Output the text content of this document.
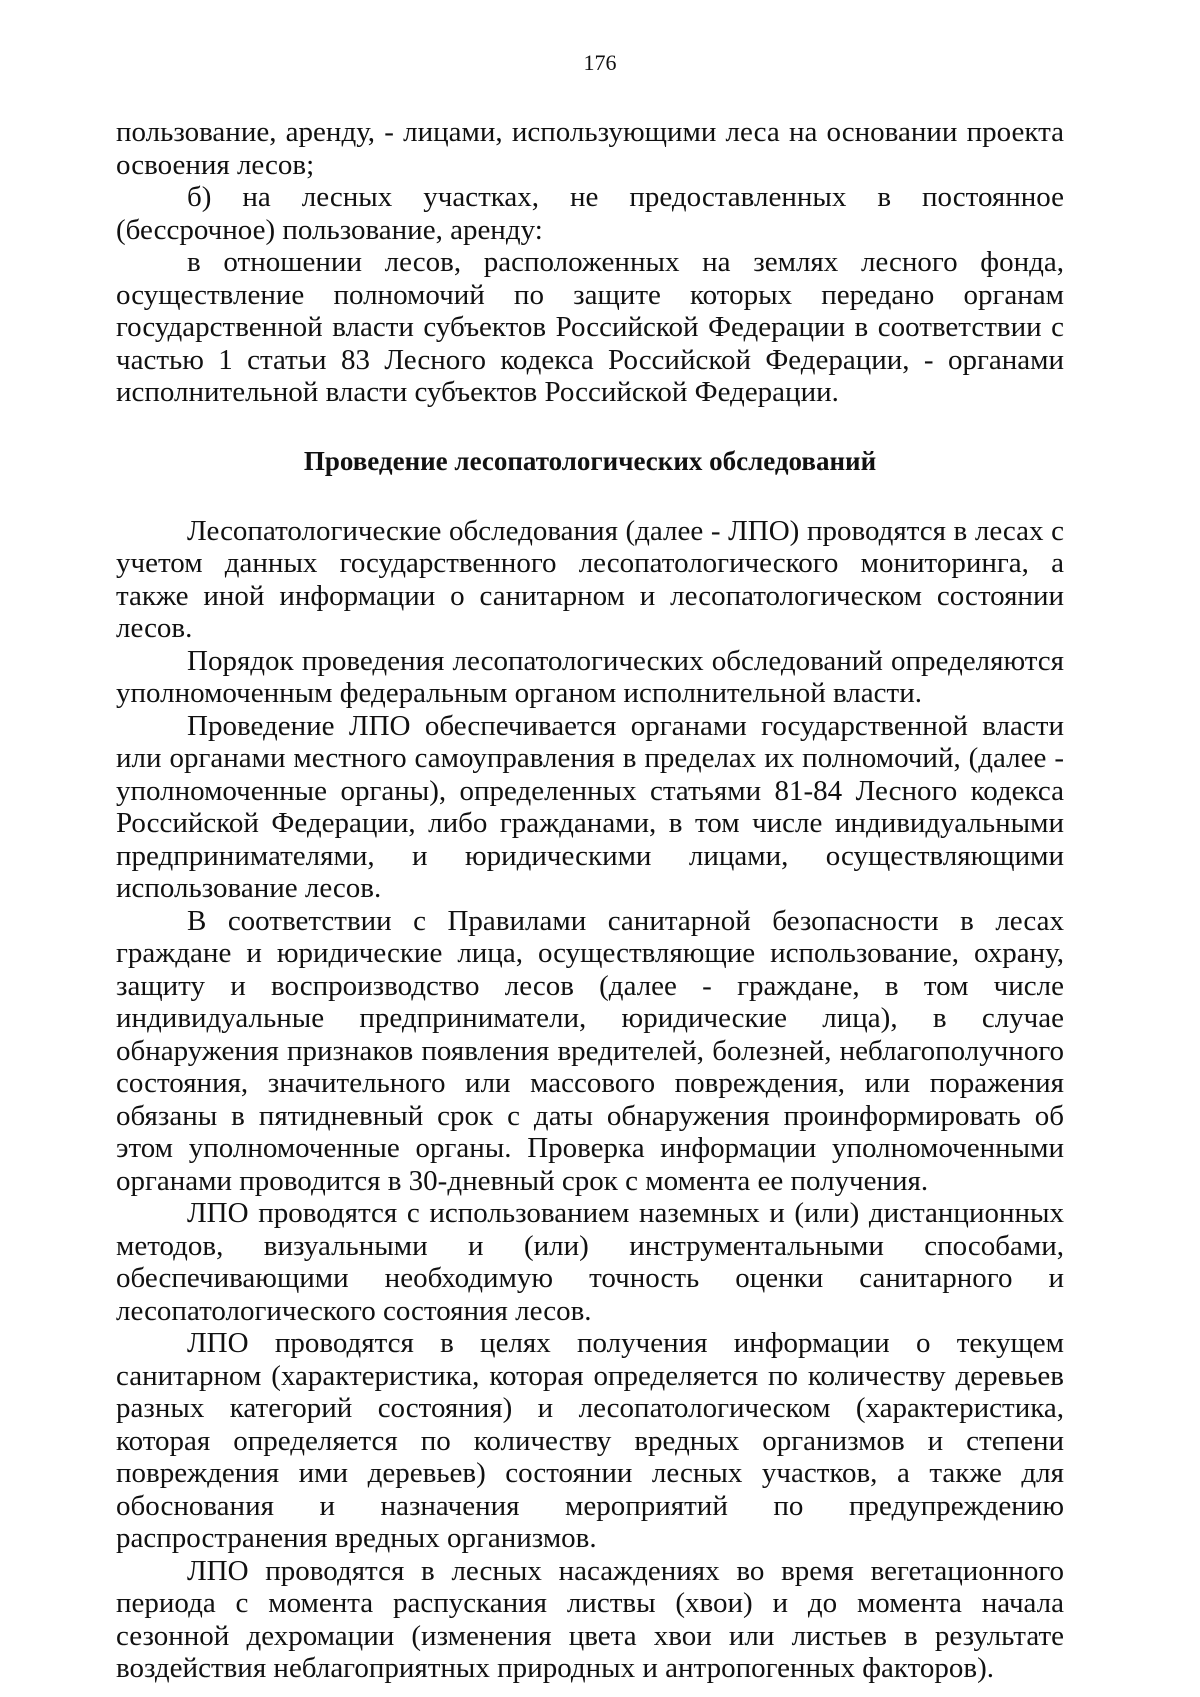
176

пользование, аренду, - лицами, использующими леса на основании проекта освоения лесов;

б) на лесных участках, не предоставленных в постоянное (бессрочное) пользование, аренду:

в отношении лесов, расположенных на землях лесного фонда, осуществление полномочий по защите которых передано органам государственной власти субъектов Российской Федерации в соответствии с частью 1 статьи 83 Лесного кодекса Российской Федерации, - органами исполнительной власти субъектов Российской Федерации.

Проведение лесопатологических обследований

Лесопатологические обследования (далее - ЛПО) проводятся в лесах с учетом данных государственного лесопатологического мониторинга, а также иной информации о санитарном и лесопатологическом состоянии лесов.

Порядок проведения лесопатологических обследований определяются уполномоченным федеральным органом исполнительной власти.

Проведение ЛПО обеспечивается органами государственной власти или органами местного самоуправления в пределах их полномочий, (далее - уполномоченные органы), определенных статьями 81-84 Лесного кодекса Российской Федерации, либо гражданами, в том числе индивидуальными предпринимателями, и юридическими лицами, осуществляющими использование лесов.

В соответствии с Правилами санитарной безопасности в лесах граждане и юридические лица, осуществляющие использование, охрану, защиту и воспроизводство лесов (далее - граждане, в том числе индивидуальные предприниматели, юридические лица), в случае обнаружения признаков появления вредителей, болезней, неблагополучного состояния, значительного или массового повреждения, или поражения обязаны в пятидневный срок с даты обнаружения проинформировать об этом уполномоченные органы. Проверка информации уполномоченными органами проводится в 30-дневный срок с момента ее получения.

ЛПО проводятся с использованием наземных и (или) дистанционных методов, визуальными и (или) инструментальными способами, обеспечивающими необходимую точность оценки санитарного и лесопатологического состояния лесов.

ЛПО проводятся в целях получения информации о текущем санитарном (характеристика, которая определяется по количеству деревьев разных категорий состояния) и лесопатологическом (характеристика, которая определяется по количеству вредных организмов и степени повреждения ими деревьев) состоянии лесных участков, а также для обоснования и назначения мероприятий по предупреждению распространения вредных организмов.

ЛПО проводятся в лесных насаждениях во время вегетационного периода с момента распускания листвы (хвои) и до момента начала сезонной дехромации (изменения цвета хвои или листьев в результате воздействия неблагоприятных природных и антропогенных факторов).
